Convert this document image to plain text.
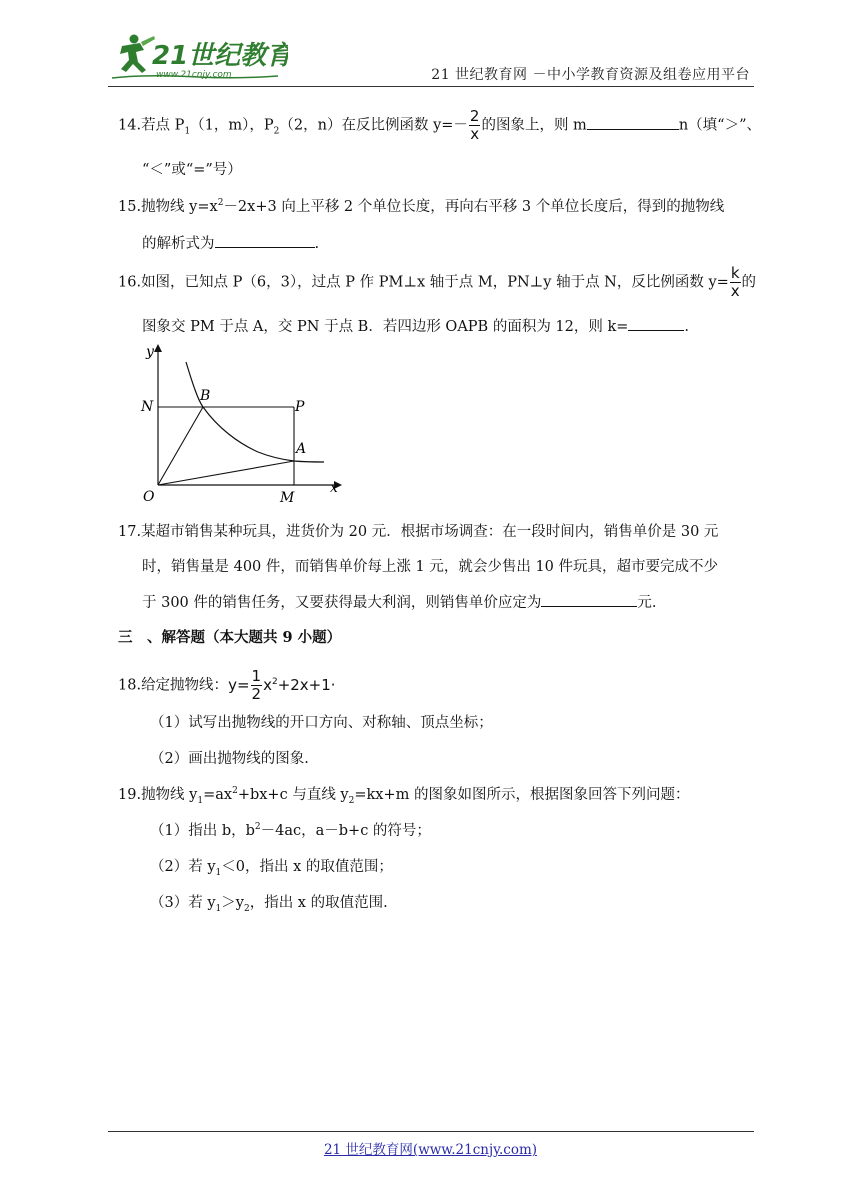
21世纪教育
www.21cnjy.com	21 世纪教育网 －中小学教育资源及组卷应用平台
14.若点 $P_1(1$，m），$P_2(2$，n）在反比例函数 $y=- \frac{2}{x}$ 的图象上，则 m	n（填“＞”、
“＜”或“=”号）
15.抛物线 $y=x^2-2x+3$ 向上平移 2 个单位长度，再向右平移 3 个单位长度后，得到的抛物线
的解析式为	.
16.如图，已知点 P（6，3），过点 P 作 PM⊥x 轴于点 M，PN⊥y 轴于点 N，反比例函数 $y= \frac{k}{x}$ 的
图象交 PM 于点 A，交 PN 于点 B．若四边形 OAPB 的面积为 12，则 k=	.
y
x
N
B
P
A
O	M
17.某超市销售某种玩具，进货价为 20 元．根据市场调查：在一段时间内，销售单价是 30 元
时，销售量是 400 件，而销售单价每上涨 1 元，就会少售出 10 件玩具，超市要完成不少
于 300 件的销售任务，又要获得最大利润，则销售单价应定为	元.
三　、解答题（本大题共 9 小题）
18.给定抛物线：$y= \frac{1}{2} x^2+2x+1\cdot$
（1）试写出抛物线的开口方向、对称轴、顶点坐标；
（2）画出抛物线的图象.
19.抛物线 $y_1=ax^2+bx+c$ 与直线 $y_2=kx+m$ 的图象如图所示，根据图象回答下列问题：
（1）指出 b，$b^2-4ac$，a－b+c 的符号；
（2）若 $y_1<0$，指出 x 的取值范围；
（3）若 $y_1>y_2$，指出 x 的取值范围.
21 世纪教育网(www.21cnjy.com)
